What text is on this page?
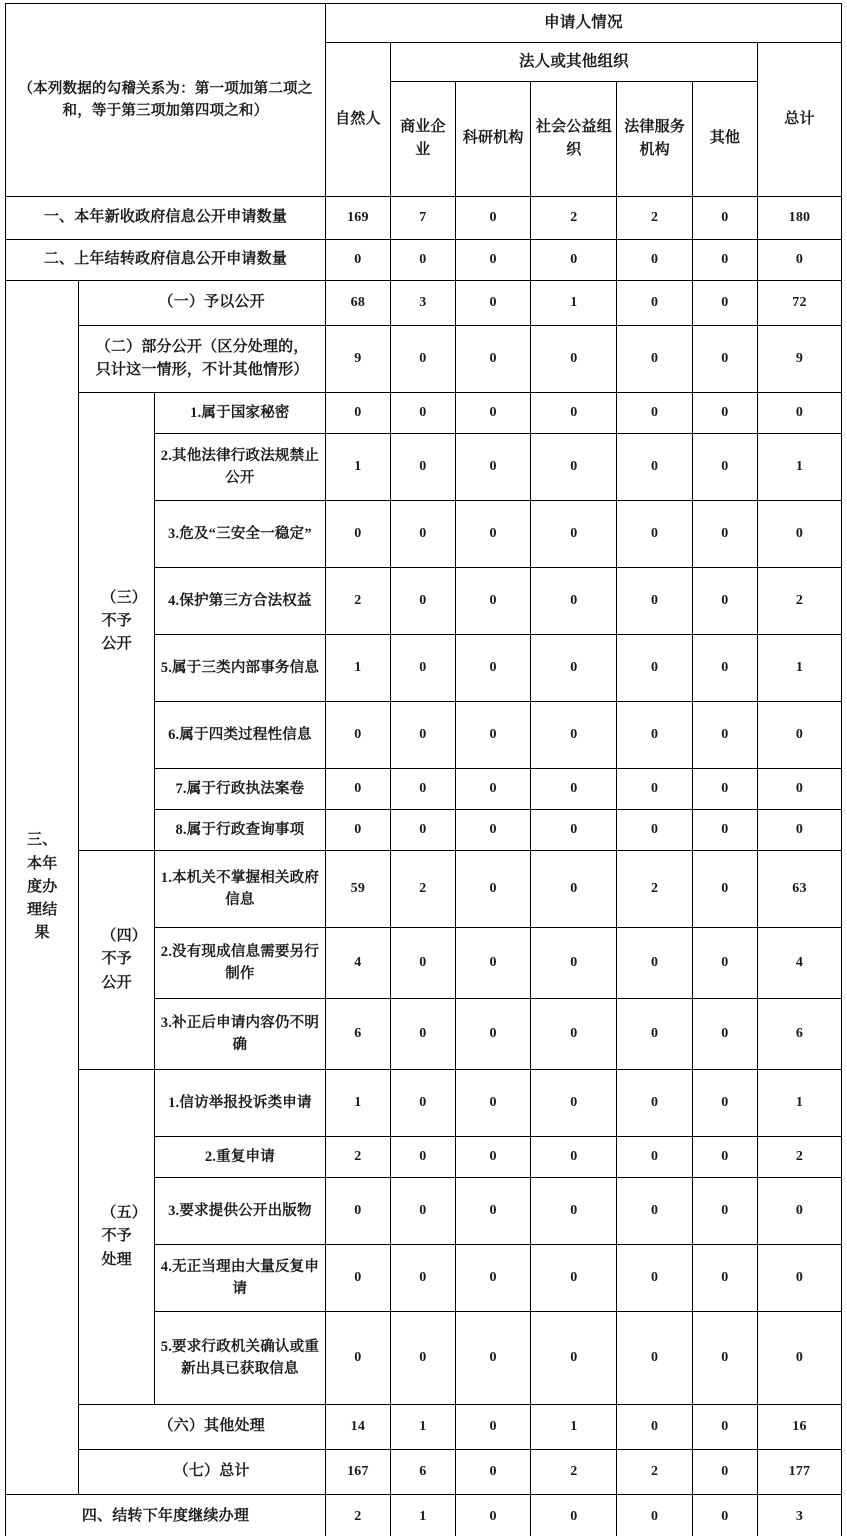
（本列数据的勾稽关系为：第一项加第二项之和，等于第三项加第四项之和）			申请人情况						
			自然人	法人或其他组织					总计
				商业企业	科研机构	社会公益组织	法律服务机构	其他	
一、本年新收政府信息公开申请数量			169	7	0	2	2	0	180
二、上年结转政府信息公开申请数量			0	0	0	0	0	0	0
三、本年度办理结果	（一）予以公开		68	3	0	1	0	0	72
	（二）部分公开（区分处理的，只计这一情形，不计其他情形）		9	0	0	0	0	0	9
	（三）不予公开	1.属于国家秘密	0	0	0	0	0	0	0
		2.其他法律行政法规禁止公开	1	0	0	0	0	0	1
		3.危及“三安全一稳定”	0	0	0	0	0	0	0
		4.保护第三方合法权益	2	0	0	0	0	0	2
		5.属于三类内部事务信息	1	0	0	0	0	0	1
		6.属于四类过程性信息	0	0	0	0	0	0	0
		7.属于行政执法案卷	0	0	0	0	0	0	0
		8.属于行政查询事项	0	0	0	0	0	0	0
	（四）不予公开	1.本机关不掌握相关政府信息	59	2	0	0	2	0	63
		2.没有现成信息需要另行制作	4	0	0	0	0	0	4
		3.补正后申请内容仍不明确	6	0	0	0	0	0	6
	（五）不予处理	1.信访举报投诉类申请	1	0	0	0	0	0	1
		2.重复申请	2	0	0	0	0	0	2
		3.要求提供公开出版物	0	0	0	0	0	0	0
		4.无正当理由大量反复申请	0	0	0	0	0	0	0
		5.要求行政机关确认或重新出具已获取信息	0	0	0	0	0	0	0
	（六）其他处理		14	1	0	1	0	0	16
	（七）总计		167	6	0	2	2	0	177
四、结转下年度继续办理			2	1	0	0	0	0	3
